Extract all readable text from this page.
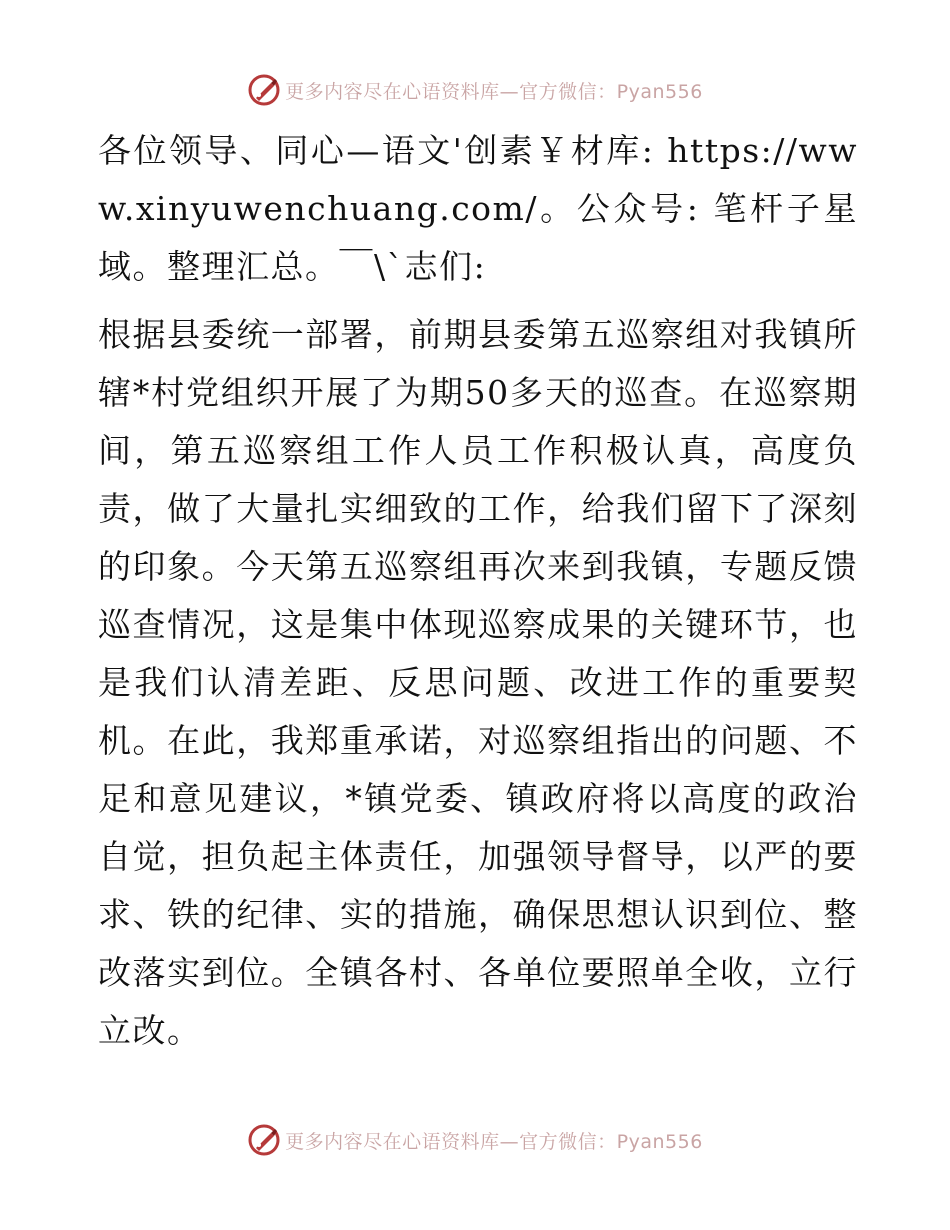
更多内容尽在心语资料库—官方微信：Pyan556

各位领导、同心—语文'创素￥材库: https://www.xinyuwenchuang.com/。公众号: 笔杆子星域。整理汇总。￣\`志们:

根据县委统一部署，前期县委第五巡察组对我镇所辖*村党组织开展了为期50多天的巡查。在巡察期间，第五巡察组工作人员工作积极认真，高度负责，做了大量扎实细致的工作，给我们留下了深刻的印象。今天第五巡察组再次来到我镇，专题反馈巡查情况，这是集中体现巡察成果的关键环节，也是我们认清差距、反思问题、改进工作的重要契机。在此，我郑重承诺，对巡察组指出的问题、不足和意见建议，*镇党委、镇政府将以高度的政治自觉，担负起主体责任，加强领导督导，以严的要求、铁的纪律、实的措施，确保思想认识到位、整改落实到位。全镇各村、各单位要照单全收，立行立改。

更多内容尽在心语资料库—官方微信：Pyan556
